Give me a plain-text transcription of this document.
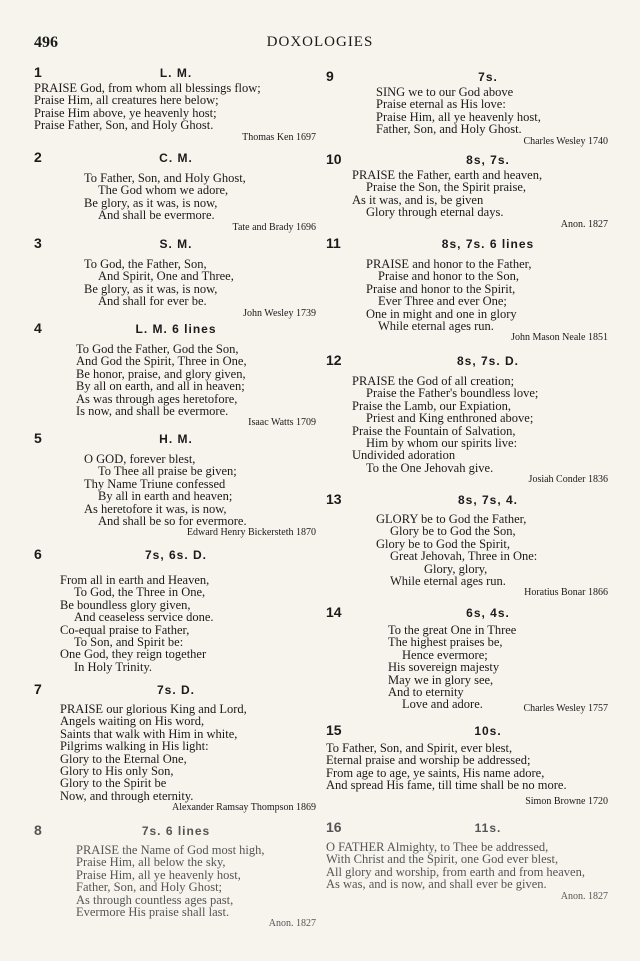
496	DOXOLOGIES
1	L. M.
PRAISE God, from whom all blessings flow;
Praise Him, all creatures here below;
Praise Him above, ye heavenly host;
Praise Father, Son, and Holy Ghost.
Thomas Ken 1697
2	C. M.
To Father, Son, and Holy Ghost,
The God whom we adore,
Be glory, as it was, is now,
And shall be evermore.
Tate and Brady 1696
3	S. M.
To God, the Father, Son,
And Spirit, One and Three,
Be glory, as it was, is now,
And shall for ever be.
John Wesley 1739
4	L. M. 6 lines
To God the Father, God the Son,
And God the Spirit, Three in One,
Be honor, praise, and glory given,
By all on earth, and all in heaven;
As was through ages heretofore,
Is now, and shall be evermore.
Isaac Watts 1709
5	H. M.
O GOD, forever blest,
To Thee all praise be given;
Thy Name Triune confessed
By all in earth and heaven;
As heretofore it was, is now,
And shall be so for evermore.
Edward Henry Bickersteth 1870
6	7s, 6s. D.
From all in earth and Heaven,
To God, the Three in One,
Be boundless glory given,
And ceaseless service done.
Co-equal praise to Father,
To Son, and Spirit be:
One God, they reign together
In Holy Trinity.
7	7s. D.
PRAISE our glorious King and Lord,
Angels waiting on His word,
Saints that walk with Him in white,
Pilgrims walking in His light:
Glory to the Eternal One,
Glory to His only Son,
Glory to the Spirit be
Now, and through eternity.
Alexander Ramsay Thompson 1869
8	7s. 6 lines
PRAISE the Name of God most high,
Praise Him, all below the sky,
Praise Him, all ye heavenly host,
Father, Son, and Holy Ghost;
As through countless ages past,
Evermore His praise shall last.
Anon. 1827
9	7s.
SING we to our God above
Praise eternal as His love:
Praise Him, all ye heavenly host,
Father, Son, and Holy Ghost.
Charles Wesley 1740
10	8s, 7s.
PRAISE the Father, earth and heaven,
Praise the Son, the Spirit praise,
As it was, and is, be given
Glory through eternal days.
Anon. 1827
11	8s, 7s. 6 lines
PRAISE and honor to the Father,
Praise and honor to the Son,
Praise and honor to the Spirit,
Ever Three and ever One;
One in might and one in glory
While eternal ages run.
John Mason Neale 1851
12	8s, 7s. D.
PRAISE the God of all creation;
Praise the Father's boundless love;
Praise the Lamb, our Expiation,
Priest and King enthroned above;
Praise the Fountain of Salvation,
Him by whom our spirits live:
Undivided adoration
To the One Jehovah give.
Josiah Conder 1836
13	8s, 7s, 4.
GLORY be to God the Father,
Glory be to God the Son,
Glory be to God the Spirit,
Great Jehovah, Three in One:
Glory, glory,
While eternal ages run.
Horatius Bonar 1866
14	6s, 4s.
To the great One in Three
The highest praises be,
Hence evermore;
His sovereign majesty
May we in glory see,
And to eternity
Love and adore.	Charles Wesley 1757
15	10s.
To Father, Son, and Spirit, ever blest,
Eternal praise and worship be addressed;
From age to age, ye saints, His name adore,
And spread His fame, till time shall be no more.
Simon Browne 1720
16	11s.
O FATHER Almighty, to Thee be addressed,
With Christ and the Spirit, one God ever blest,
All glory and worship, from earth and from heaven,
As was, and is now, and shall ever be given.
Anon. 1827
